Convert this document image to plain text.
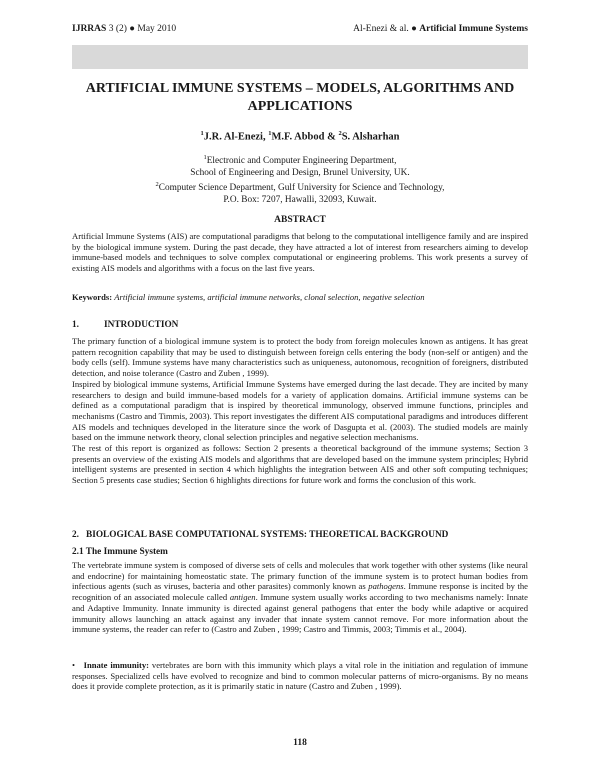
IJRRAS 3 (2) ● May 2010	Al-Enezi & al. ● Artificial Immune Systems
ARTIFICIAL IMMUNE SYSTEMS – MODELS, ALGORITHMS AND
APPLICATIONS
$^1$J.R. Al-Enezi, $^1$M.F. Abbod & $^2$S. Alsharhan
$^1$Electronic and Computer Engineering Department,
School of Engineering and Design, Brunel University, UK.
$^2$Computer Science Department, Gulf University for Science and Technology,
P.O. Box: 7207, Hawalli, 32093, Kuwait.
ABSTRACT
Artificial Immune Systems (AIS) are computational paradigms that belong to the computational intelligence family and are inspired by the biological immune system. During the past decade, they have attracted a lot of interest from researchers aiming to develop immune-based models and techniques to solve complex computational or engineering problems. This work presents a survey of existing AIS models and algorithms with a focus on the last five years.
Keywords: Artificial immune systems, artificial immune networks, clonal selection, negative selection
1.	INTRODUCTION

The primary function of a biological immune system is to protect the body from foreign molecules known as antigens. It has great pattern recognition capability that may be used to distinguish between foreign cells entering the body (non-self or antigen) and the body cells (self). Immune systems have many characteristics such as uniqueness, autonomous, recognition of foreigners, distributed detection, and noise tolerance (Castro and Zuben , 1999).

Inspired by biological immune systems, Artificial Immune Systems have emerged during the last decade. They are incited by many researchers to design and build immune-based models for a variety of application domains. Artificial immune systems can be defined as a computational paradigm that is inspired by theoretical immunology, observed immune functions, principles and mechanisms (Castro and Timmis, 2003). This report investigates the different AIS computational paradigms and introduces different AIS models and techniques developed in the literature since the work of Dasgupta et al. (2003). The studied models are mainly based on the immune network theory, clonal selection principles and negative selection mechanisms.

The rest of this report is organized as follows: Section 2 presents a theoretical background of the immune systems; Section 3 presents an overview of the existing AIS models and algorithms that are developed based on the immune system principles; Hybrid intelligent systems are presented in section 4 which highlights the integration between AIS and other soft computing techniques; Section 5 presents case studies; Section 6 highlights directions for future work and forms the conclusion of this work.

2. BIOLOGICAL BASE COMPUTATIONAL SYSTEMS: THEORETICAL BACKGROUND
2.1 The Immune System

The vertebrate immune system is composed of diverse sets of cells and molecules that work together with other systems (like neural and endocrine) for maintaining homeostatic state. The primary function of the immune system is to protect human bodies from infectious agents (such as viruses, bacteria and other parasites) commonly known as pathogens. Immune response is incited by the recognition of an associated molecule called antigen. Immune system usually works according to two mechanisms namely: Innate and Adaptive Immunity. Innate immunity is directed against general pathogens that enter the body while adaptive or acquired immunity allows launching an attack against any invader that innate system cannot remove. For more information about the immune systems, the reader can refer to (Castro and Zuben , 1999; Castro and Timmis, 2003; Timmis et al., 2004).

• Innate immunity: vertebrates are born with this immunity which plays a vital role in the initiation and regulation of immune responses. Specialized cells have evolved to recognize and bind to common molecular patterns of micro-organisms. By no means does it provide complete protection, as it is primarily static in nature (Castro and Zuben , 1999).
118
